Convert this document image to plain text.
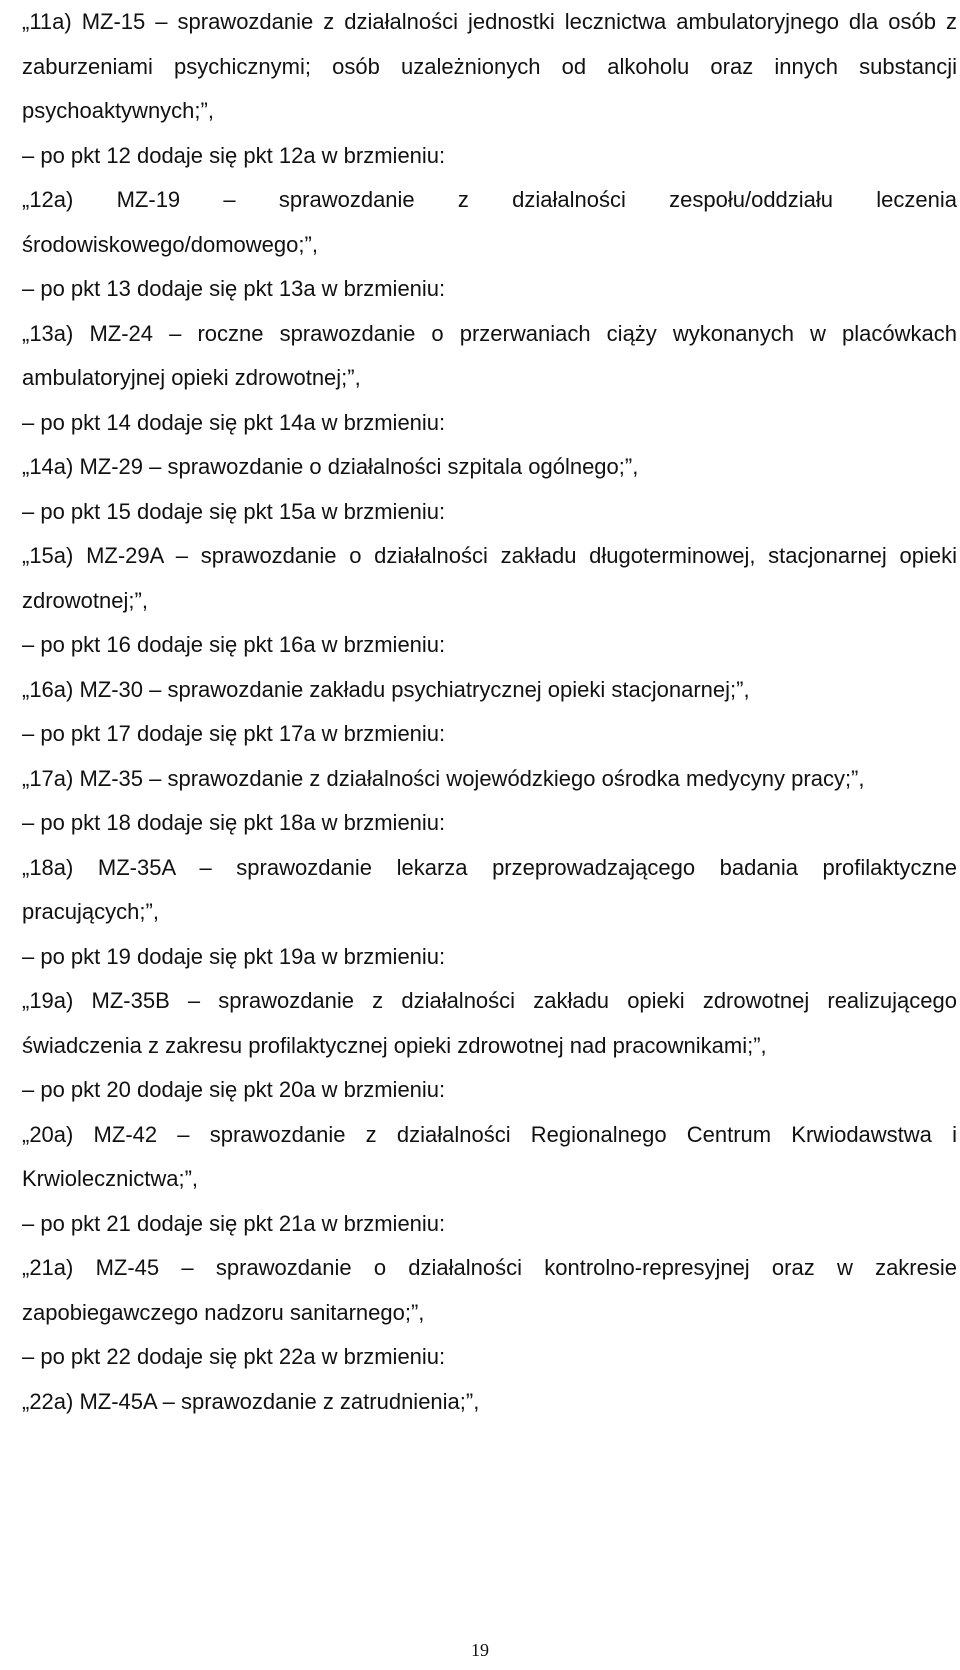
„11a) MZ-15 – sprawozdanie z działalności jednostki lecznictwa ambulatoryjnego dla osób z zaburzeniami psychicznymi; osób uzależnionych od alkoholu oraz innych substancji psychoaktywnych;”,

– po pkt 12 dodaje się pkt 12a w brzmieniu:

„12a) MZ-19 – sprawozdanie z działalności zespołu/oddziału leczenia środowiskowego/domowego;”,

– po pkt 13 dodaje się pkt 13a w brzmieniu:

„13a) MZ-24 – roczne sprawozdanie o przerwaniach ciąży wykonanych w placówkach ambulatoryjnej opieki zdrowotnej;”,

– po pkt 14 dodaje się pkt 14a w brzmieniu:

„14a) MZ-29 – sprawozdanie o działalności szpitala ogólnego;”,

– po pkt 15 dodaje się pkt 15a w brzmieniu:

„15a) MZ-29A – sprawozdanie o działalności zakładu długoterminowej, stacjonarnej opieki zdrowotnej;”,

– po pkt 16 dodaje się pkt 16a w brzmieniu:

„16a) MZ-30 – sprawozdanie zakładu psychiatrycznej opieki stacjonarnej;”,

– po pkt 17 dodaje się pkt 17a w brzmieniu:

„17a) MZ-35 – sprawozdanie z działalności wojewódzkiego ośrodka medycyny pracy;”,

– po pkt 18 dodaje się pkt 18a w brzmieniu:

„18a) MZ-35A – sprawozdanie lekarza przeprowadzającego badania profilaktyczne pracujących;”,

– po pkt 19 dodaje się pkt 19a w brzmieniu:

„19a) MZ-35B – sprawozdanie z działalności zakładu opieki zdrowotnej realizującego świadczenia z zakresu profilaktycznej opieki zdrowotnej nad pracownikami;”,

– po pkt 20 dodaje się pkt 20a w brzmieniu:

„20a) MZ-42 – sprawozdanie z działalności Regionalnego Centrum Krwiodawstwa i Krwiolecznictwa;”,

– po pkt 21 dodaje się pkt 21a w brzmieniu:

„21a) MZ-45 – sprawozdanie o działalności kontrolno-represyjnej oraz w zakresie zapobiegawczego nadzoru sanitarnego;”,

– po pkt 22 dodaje się pkt 22a w brzmieniu:

„22a) MZ-45A – sprawozdanie z zatrudnienia;”,

19
